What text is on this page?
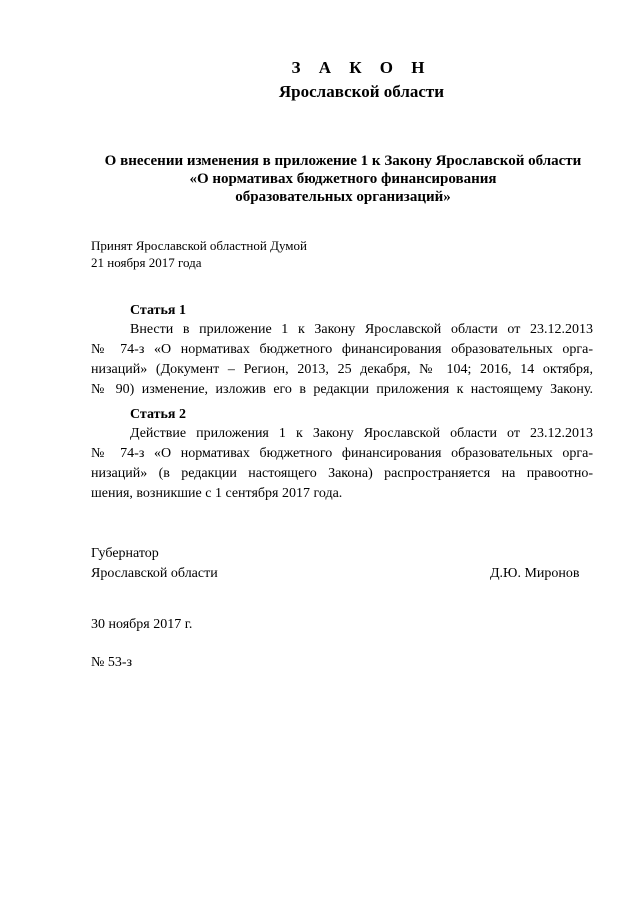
З А К О Н
Ярославской области
О внесении изменения в приложение 1 к Закону Ярославской области
«О нормативах бюджетного финансирования
образовательных организаций»
Принят Ярославской областной Думой
21 ноября 2017 года
Статья 1
Внести в приложение 1 к Закону Ярославской области от 23.12.2013
№ 74-з «О нормативах бюджетного финансирования образовательных орга-
низаций» (Документ – Регион, 2013, 25 декабря, № 104; 2016, 14 октября,
№ 90) изменение, изложив его в редакции приложения к настоящему Закону.
Статья 2
Действие приложения 1 к Закону Ярославской области от 23.12.2013
№ 74-з «О нормативах бюджетного финансирования образовательных орга-
низаций» (в редакции настоящего Закона) распространяется на правоотно-
шения, возникшие с 1 сентября 2017 года.
Губернатор
Ярославской области	Д.Ю. Миронов
30 ноября 2017 г.
№ 53-з
